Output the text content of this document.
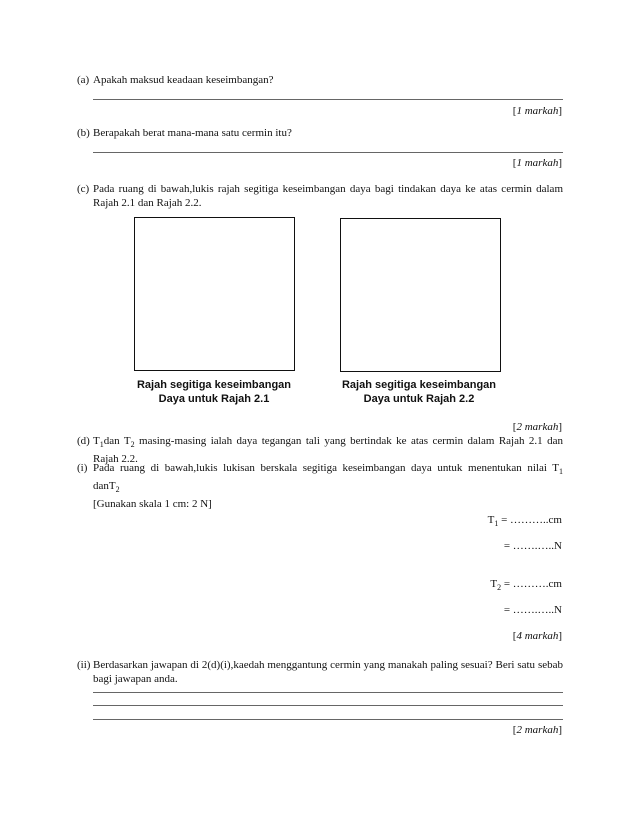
(a) Apakah maksud keadaan keseimbangan?
[1 markah]
(b) Berapakah berat mana-mana satu cermin itu?
[1 markah]
(c) Pada ruang di bawah,lukis rajah segitiga keseimbangan daya bagi tindakan daya ke atas cermin dalam Rajah 2.1 dan Rajah 2.2.
Rajah segitiga keseimbangan
Daya untuk Rajah 2.1
Rajah segitiga keseimbangan
Daya untuk Rajah 2.2
[2 markah]
(d) $T_1dan$ $T_2$ masing-masing ialah daya tegangan tali yang bertindak ke atas cermin dalam Rajah 2.1 dan Rajah 2.2.
(i) Pada ruang di bawah,lukis lukisan berskala segitiga keseimbangan daya untuk menentukan nilai $T_1$
danT$_2$
[Gunakan skala 1 cm: 2 N]
$T_1$ = ………..cm
= …….…..N
$T_2$ = ……….cm
= …….…..N
[4 markah]
(ii) Berdasarkan jawapan di 2(d)(i),kaedah menggantung cermin yang manakah paling sesuai? Beri satu sebab bagi jawapan anda.
[2 markah]
